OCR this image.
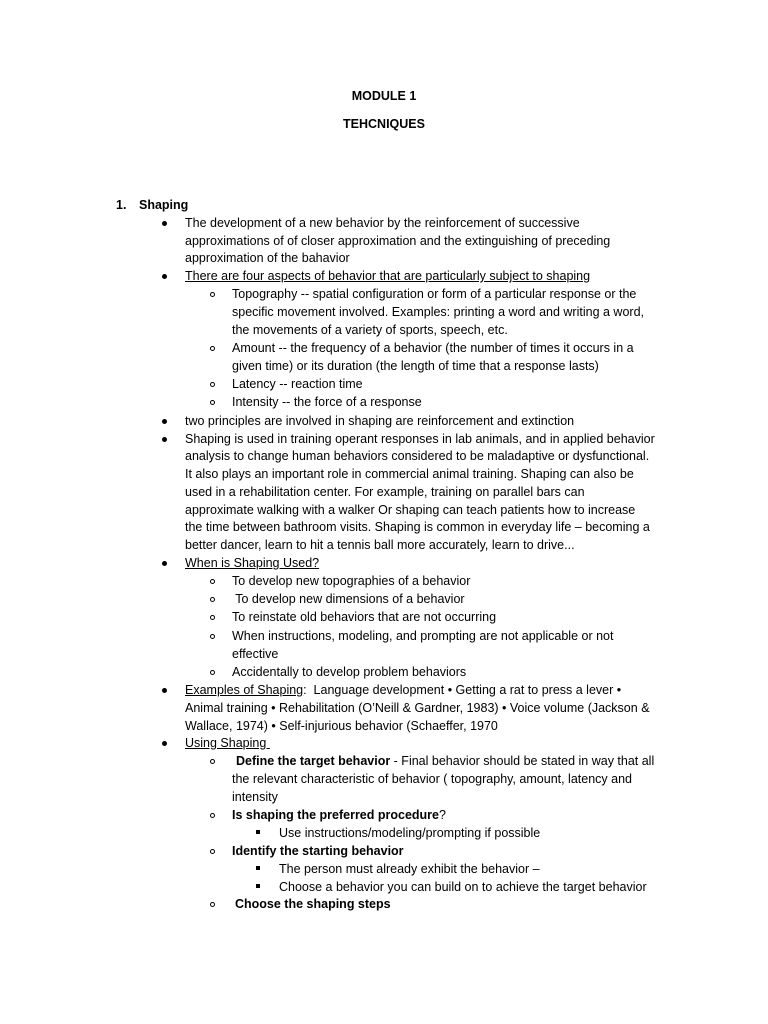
MODULE 1
TEHCNIQUES
1. Shaping
The development of a new behavior by the reinforcement of successive
approximations of of closer approximation and the extinguishing of preceding
approximation of the bahavior
There are four aspects of behavior that are particularly subject to shaping
Topography -- spatial configuration or form of a particular response or the
specific movement involved. Examples: printing a word and writing a word,
the movements of a variety of sports, speech, etc.
Amount -- the frequency of a behavior (the number of times it occurs in a
given time) or its duration (the length of time that a response lasts)
Latency -- reaction time
Intensity -- the force of a response
two principles are involved in shaping are reinforcement and extinction
Shaping is used in training operant responses in lab animals, and in applied behavior
analysis to change human behaviors considered to be maladaptive or dysfunctional.
It also plays an important role in commercial animal training. Shaping can also be
used in a rehabilitation center. For example, training on parallel bars can
approximate walking with a walker Or shaping can teach patients how to increase
the time between bathroom visits. Shaping is common in everyday life – becoming a
better dancer, learn to hit a tennis ball more accurately, learn to drive...
When is Shaping Used?
To develop new topographies of a behavior
To develop new dimensions of a behavior
To reinstate old behaviors that are not occurring
When instructions, modeling, and prompting are not applicable or not
effective
Accidentally to develop problem behaviors
Examples of Shaping:  Language development • Getting a rat to press a lever •
Animal training • Rehabilitation (O’Neill & Gardner, 1983) • Voice volume (Jackson &
Wallace, 1974) • Self-injurious behavior (Schaeffer, 1970
Using Shaping
Define the target behavior - Final behavior should be stated in way that all
the relevant characteristic of behavior ( topography, amount, latency and
intensity
Is shaping the preferred procedure?
Use instructions/modeling/prompting if possible
Identify the starting behavior
The person must already exhibit the behavior –
Choose a behavior you can build on to achieve the target behavior
Choose the shaping steps
